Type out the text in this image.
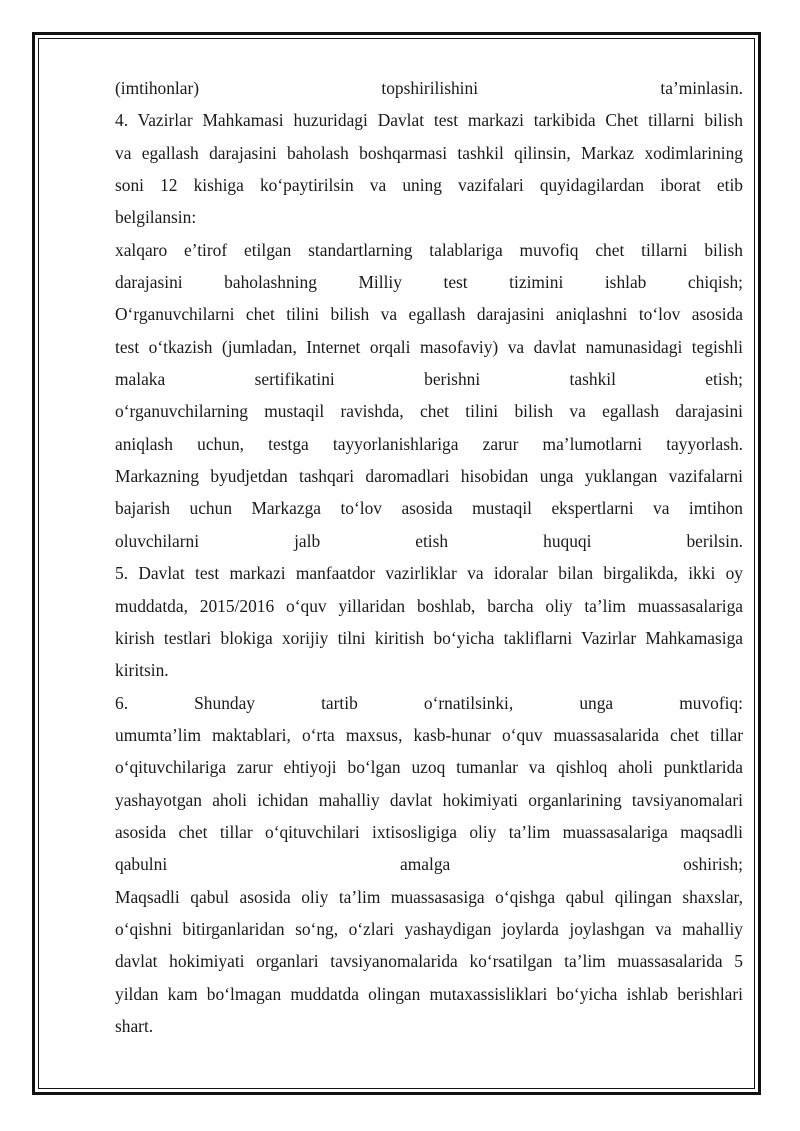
(imtihonlar) topshirilishini ta’minlasin.
4. Vazirlar Mahkamasi huzuridagi Davlat test markazi tarkibida Chet tillarni bilish
va egallash darajasini baholash boshqarmasi tashkil qilinsin, Markaz xodimlarining
soni 12 kishiga koʻpaytirilsin va uning vazifalari quyidagilardan iborat etib
belgilansin:
xalqaro e’tirof etilgan standartlarning talablariga muvofiq chet tillarni bilish
darajasini baholashning Milliy test tizimini ishlab chiqish;
Oʻrganuvchilarni chet tilini bilish va egallash darajasini aniqlashni toʻlov asosida
test oʻtkazish (jumladan, Internet orqali masofaviy) va davlat namunasidagi tegishli
malaka sertifikatini berishni tashkil etish;
oʻrganuvchilarning mustaqil ravishda, chet tilini bilish va egallash darajasini
aniqlash uchun, testga tayyorlanishlariga zarur ma’lumotlarni tayyorlash.
Markazning byudjetdan tashqari daromadlari hisobidan unga yuklangan vazifalarni
bajarish uchun Markazga toʻlov asosida mustaqil ekspertlarni va imtihon
oluvchilarni jalb etish huquqi berilsin.
5. Davlat test markazi manfaatdor vazirliklar va idoralar bilan birgalikda, ikki oy
muddatda, 2015/2016 oʻquv yillaridan boshlab, barcha oliy ta’lim muassasalariga
kirish testlari blokiga xorijiy tilni kiritish boʻyicha takliflarni Vazirlar Mahkamasiga
kiritsin.
6. Shunday tartib oʻrnatilsinki, unga muvofiq:
umumta’lim maktablari, oʻrta maxsus, kasb-hunar oʻquv muassasalarida chet tillar
oʻqituvchilariga zarur ehtiyoji boʻlgan uzoq tumanlar va qishloq aholi punktlarida
yashayotgan aholi ichidan mahalliy davlat hokimiyati organlarining tavsiyanomalari
asosida chet tillar oʻqituvchilari ixtisosligiga oliy ta’lim muassasalariga maqsadli
qabulni amalga oshirish;
Maqsadli qabul asosida oliy ta’lim muassasasiga oʻqishga qabul qilingan shaxslar,
oʻqishni bitirganlaridan soʻng, oʻzlari yashaydigan joylarda joylashgan va mahalliy
davlat hokimiyati organlari tavsiyanomalarida koʻrsatilgan ta’lim muassasalarida 5
yildan kam boʻlmagan muddatda olingan mutaxassisliklari boʻyicha ishlab berishlari
shart.
